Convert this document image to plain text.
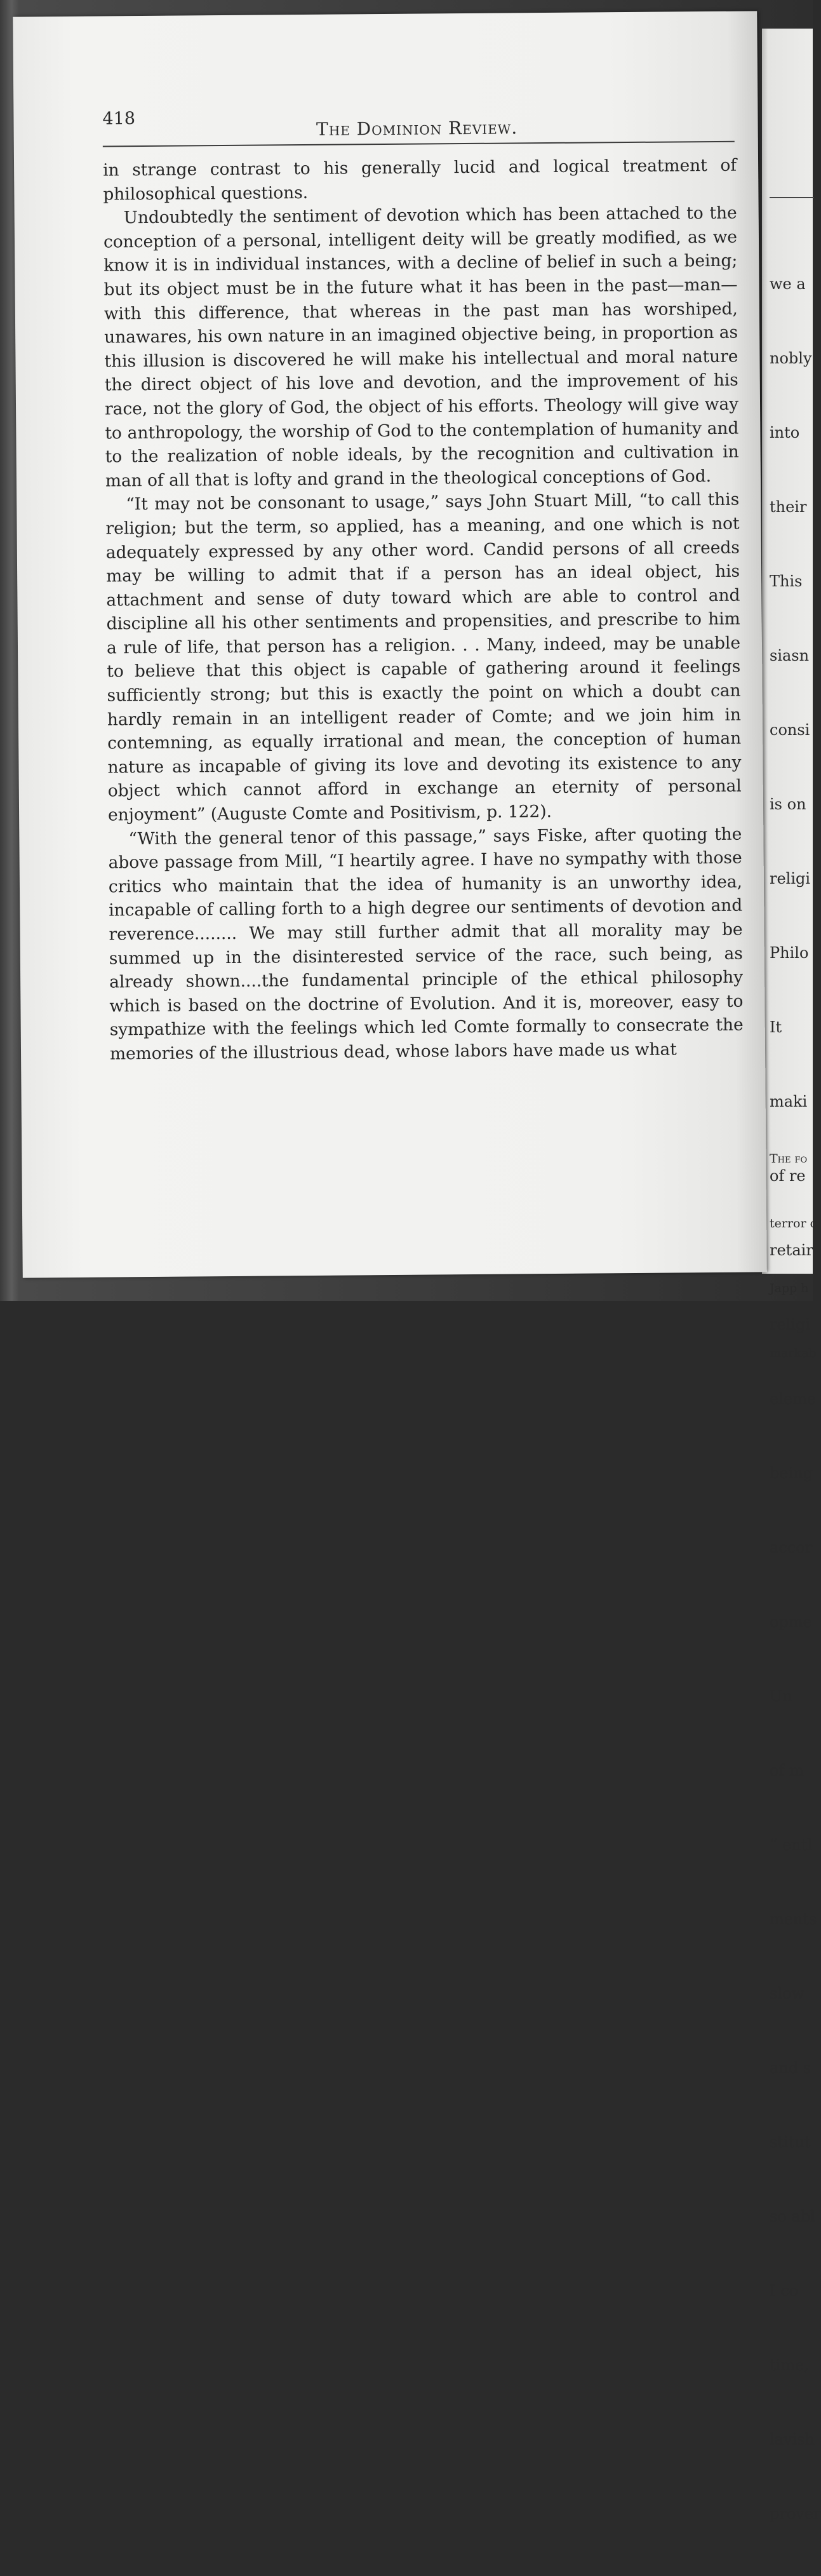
we a

nobly

into

their

This

siasn

consi

is on

religi

Philo

It

maki

of re

retair

religi

eleme

being

accor

opme

Un

of m

“ entl

ments

slow

and s

stitut

so abl

I co

time,

lavish

prover

The fo

terror c

Japp h

markab

418	The Dominion Review.

in strange contrast to his generally lucid and logical treatment of philosophical questions.

Undoubtedly the sentiment of devotion which has been attached to the conception of a personal, intelligent deity will be greatly modified, as we know it is in individual instances, with a decline of belief in such a being; but its object must be in the future what it has been in the past—man—with this difference, that whereas in the past man has worshiped, unawares, his own nature in an imagined objective being, in proportion as this illusion is discovered he will make his intellectual and moral nature the direct object of his love and devotion, and the improvement of his race, not the glory of God, the object of his efforts. Theology will give way to anthropology, the worship of God to the contemplation of humanity and to the realization of noble ideals, by the recognition and cultivation in man of all that is lofty and grand in the theological conceptions of God.

“It may not be consonant to usage,” says John Stuart Mill, “to call this religion; but the term, so applied, has a meaning, and one which is not adequately expressed by any other word. Candid persons of all creeds may be willing to admit that if a person has an ideal object, his attachment and sense of duty toward which are able to control and discipline all his other sentiments and propensities, and prescribe to him a rule of life, that person has a religion. . . Many, indeed, may be unable to believe that this object is capable of gathering around it feelings sufficiently strong; but this is exactly the point on which a doubt can hardly remain in an intelligent reader of Comte; and we join him in contemning, as equally irrational and mean, the conception of human nature as incapable of giving its love and devoting its existence to any object which cannot afford in exchange an eternity of personal enjoyment” (Auguste Comte and Positivism, p. 122).

“With the general tenor of this passage,” says Fiske, after quoting the above passage from Mill, “I heartily agree. I have no sympathy with those critics who maintain that the idea of humanity is an unworthy idea, incapable of calling forth to a high degree our sentiments of devotion and reverence........ We may still further admit that all morality may be summed up in the disinterested service of the race, such being, as already shown....the fundamental principle of the ethical philosophy which is based on the doctrine of Evolution. And it is, moreover, easy to sympathize with the feelings which led Comte formally to consecrate the memories of the illustrious dead, whose labors have made us what
